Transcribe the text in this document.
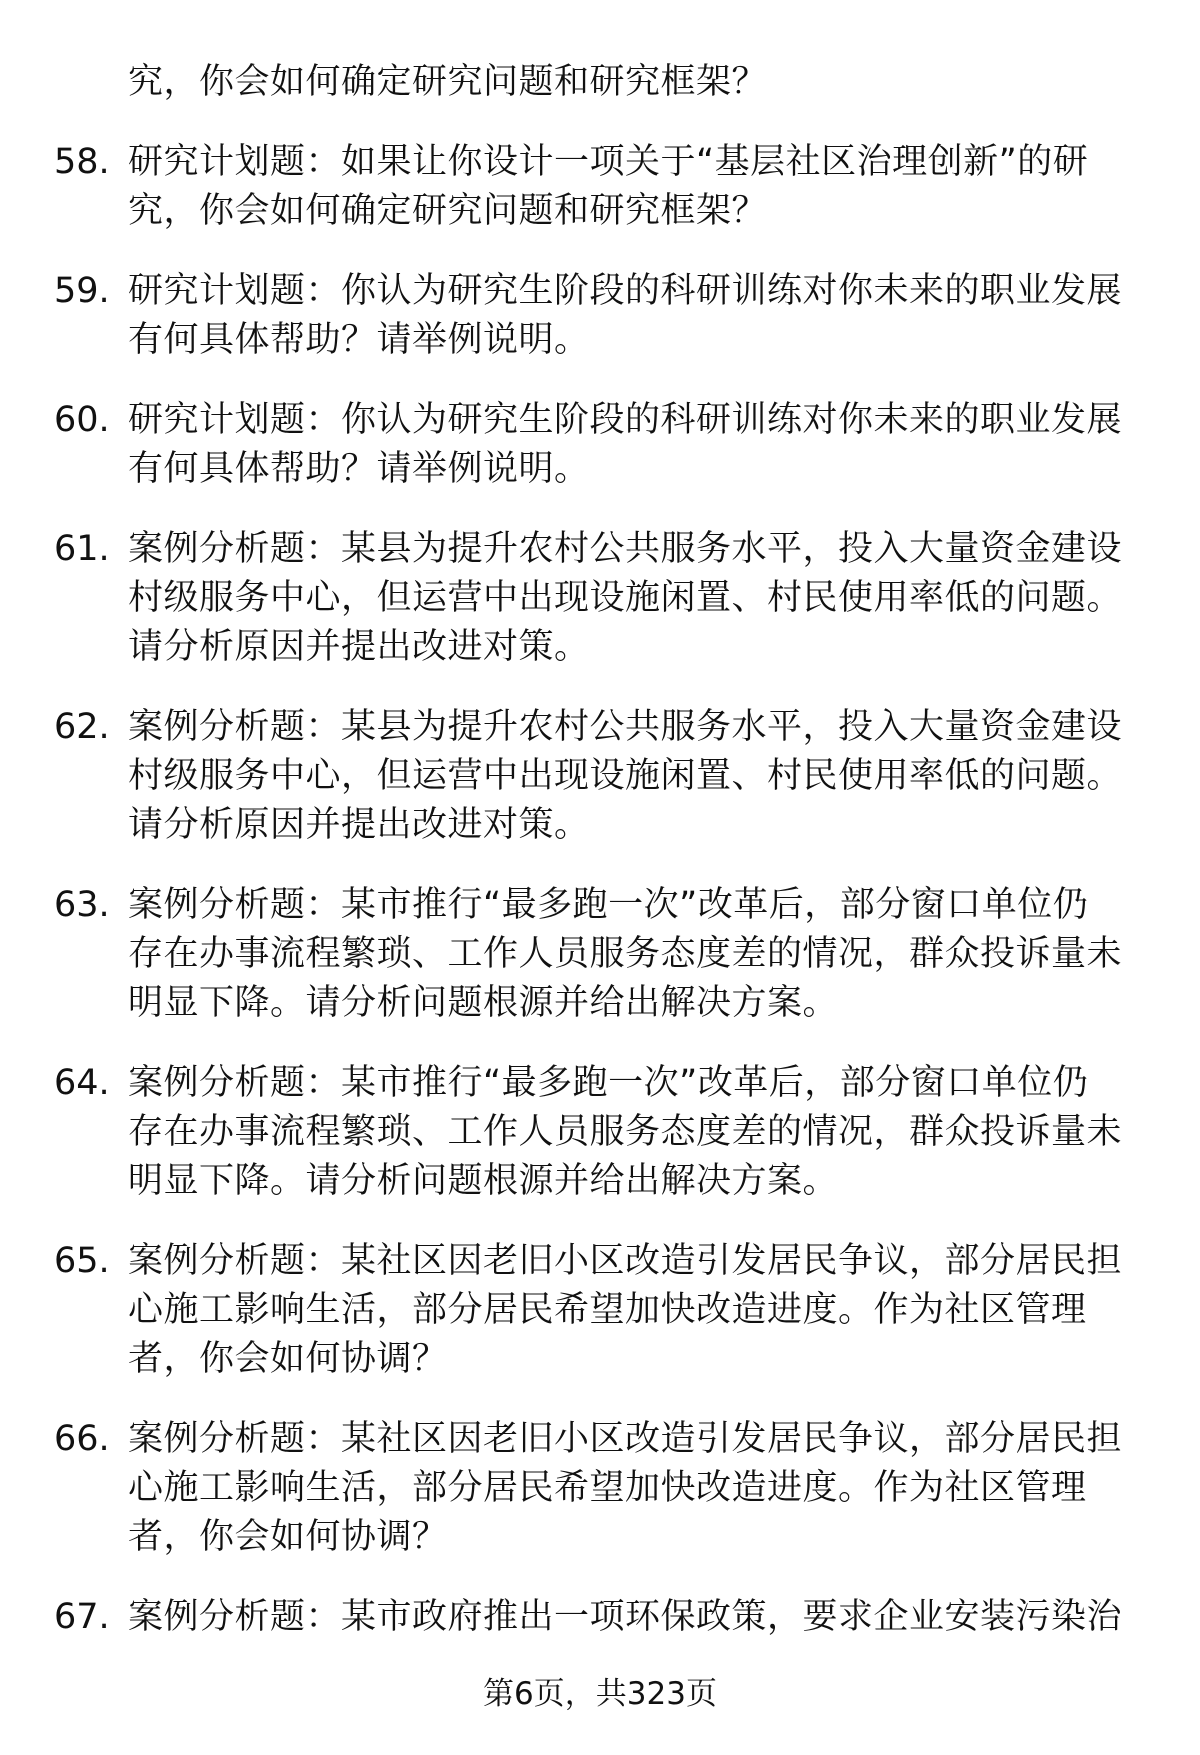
究，你会如何确定研究问题和研究框架？
58. 研究计划题：如果让你设计一项关于“基层社区治理创新”的研
究，你会如何确定研究问题和研究框架？
59. 研究计划题：你认为研究生阶段的科研训练对你未来的职业发展
有何具体帮助？请举例说明。
60. 研究计划题：你认为研究生阶段的科研训练对你未来的职业发展
有何具体帮助？请举例说明。
61. 案例分析题：某县为提升农村公共服务水平，投入大量资金建设
村级服务中心，但运营中出现设施闲置、村民使用率低的问题。
请分析原因并提出改进对策。
62. 案例分析题：某县为提升农村公共服务水平，投入大量资金建设
村级服务中心，但运营中出现设施闲置、村民使用率低的问题。
请分析原因并提出改进对策。
63. 案例分析题：某市推行“最多跑一次”改革后，部分窗口单位仍
存在办事流程繁琐、工作人员服务态度差的情况，群众投诉量未
明显下降。请分析问题根源并给出解决方案。
64. 案例分析题：某市推行“最多跑一次”改革后，部分窗口单位仍
存在办事流程繁琐、工作人员服务态度差的情况，群众投诉量未
明显下降。请分析问题根源并给出解决方案。
65. 案例分析题：某社区因老旧小区改造引发居民争议，部分居民担
心施工影响生活，部分居民希望加快改造进度。作为社区管理
者，你会如何协调？
66. 案例分析题：某社区因老旧小区改造引发居民争议，部分居民担
心施工影响生活，部分居民希望加快改造进度。作为社区管理
者，你会如何协调？
67. 案例分析题：某市政府推出一项环保政策，要求企业安装污染治
第6页，共323页
